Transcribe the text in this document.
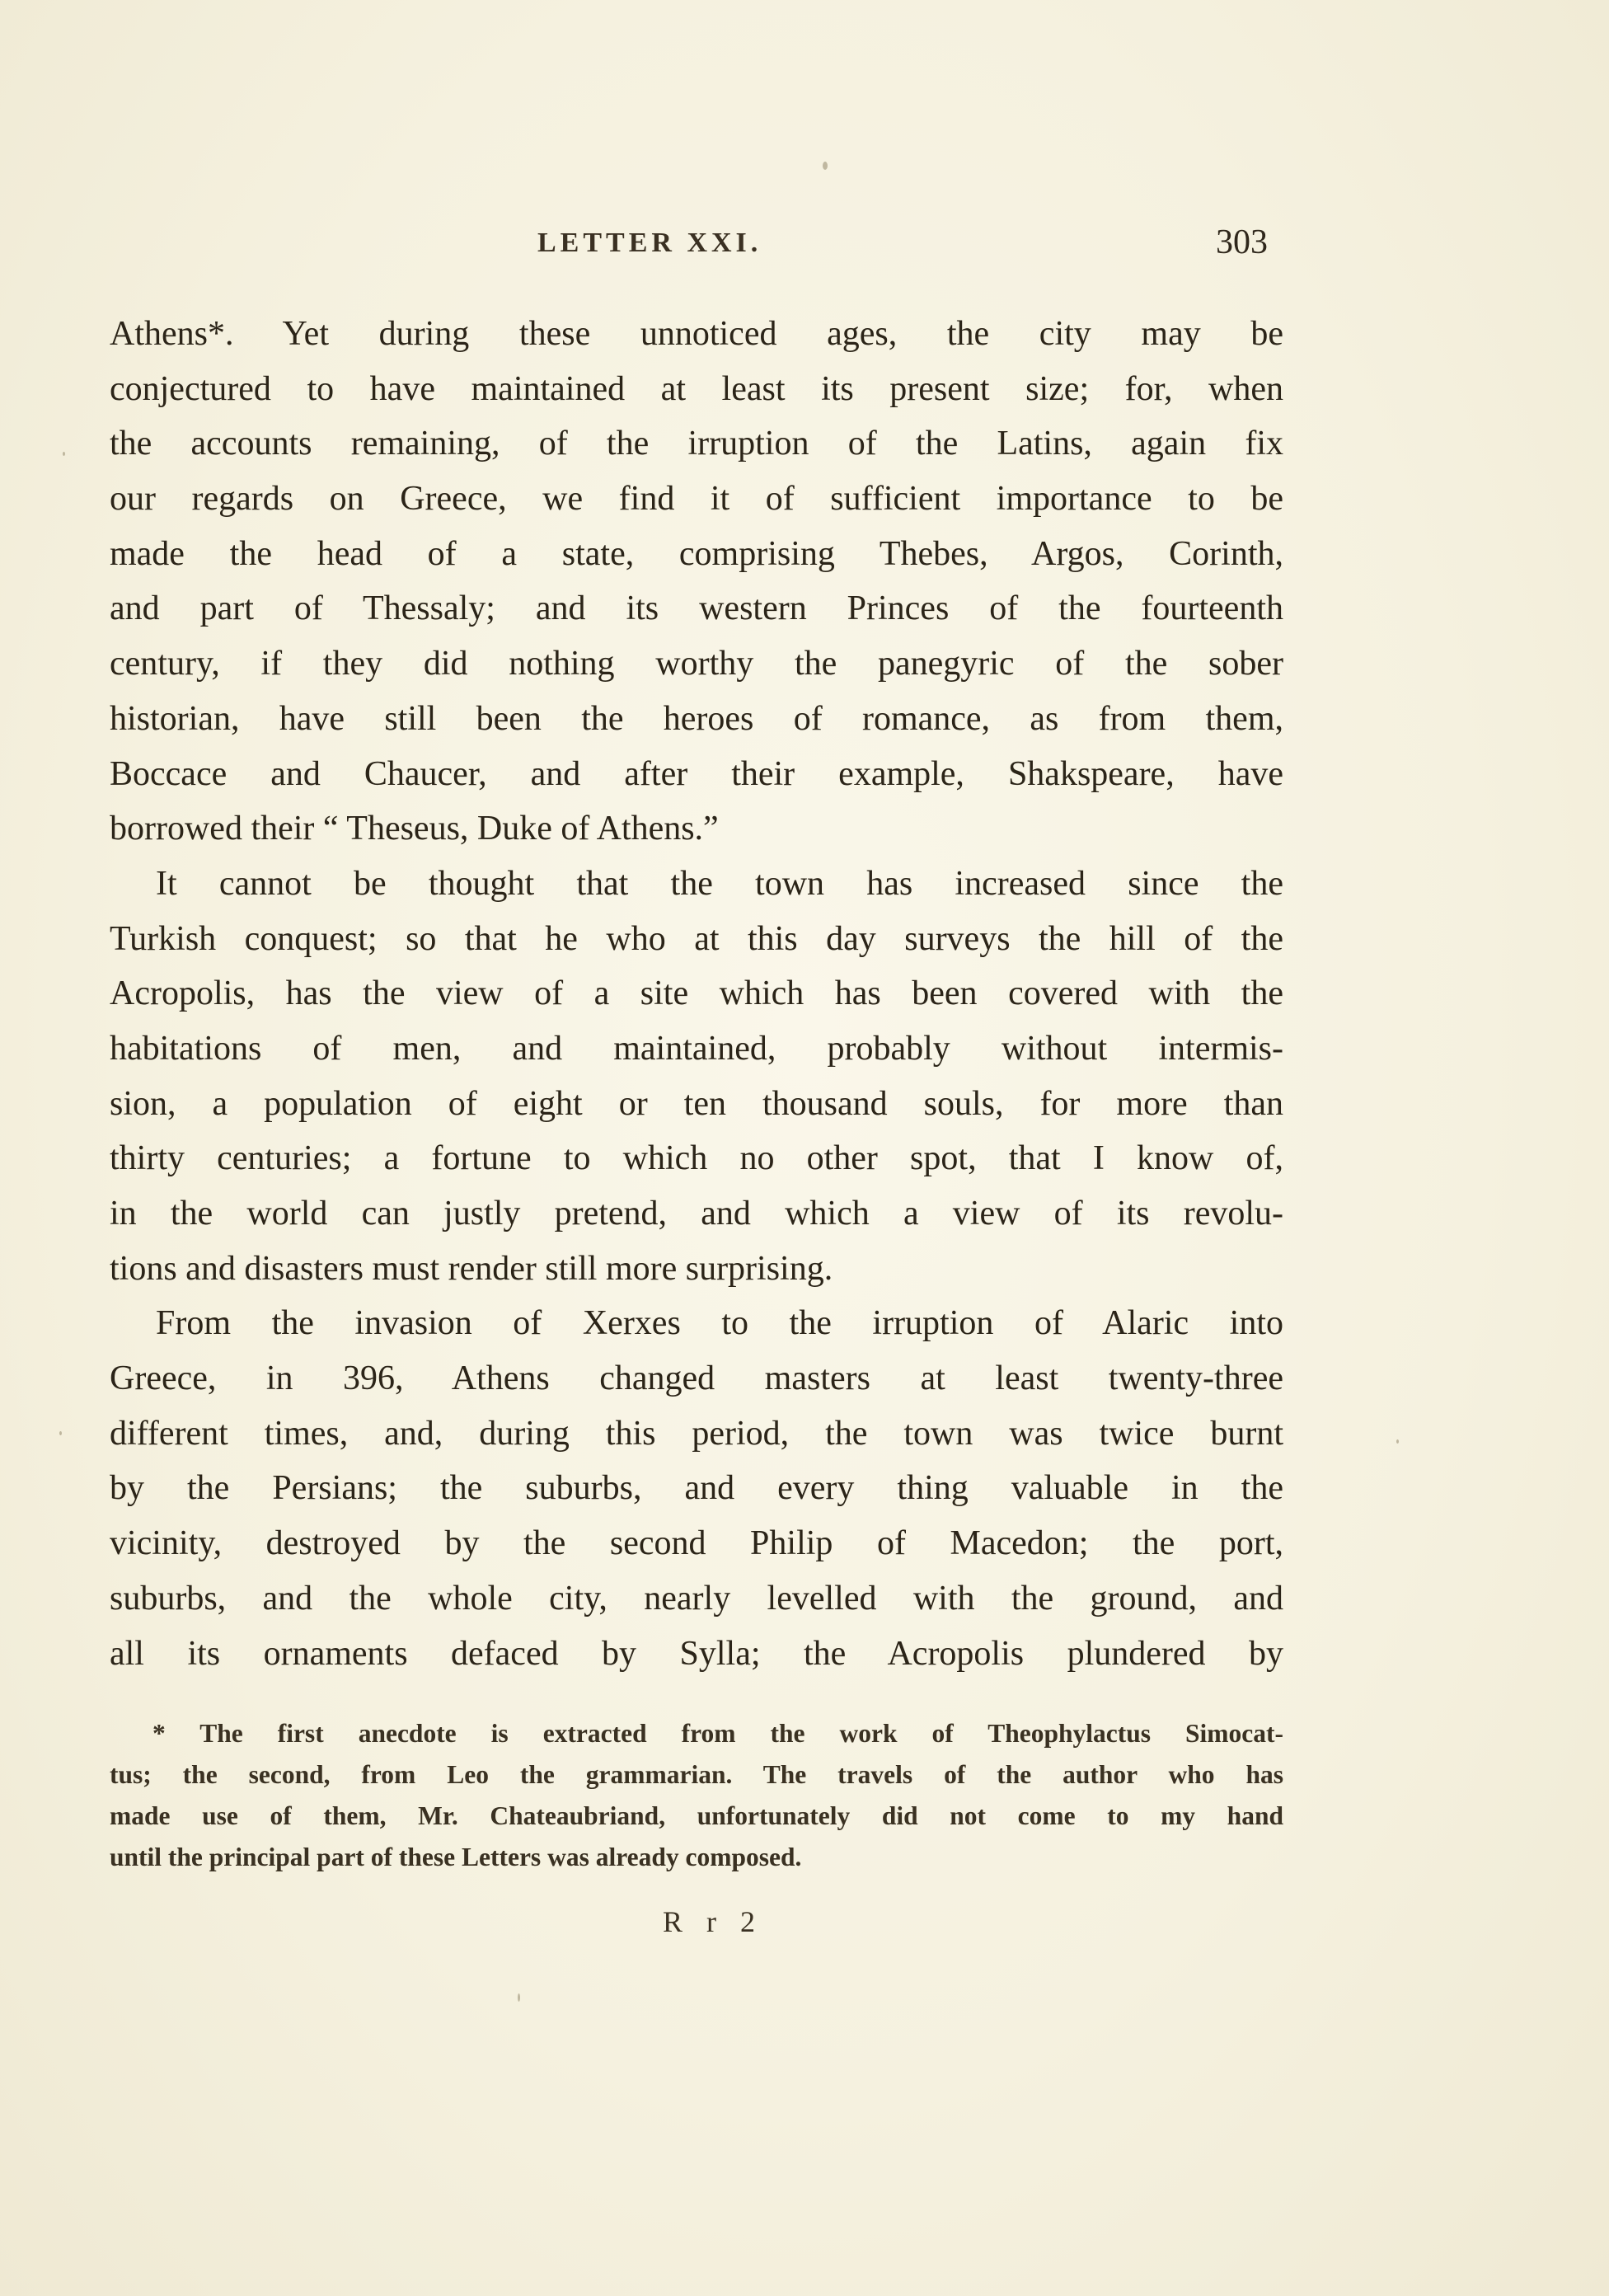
LETTER XXI.	303
Athens*. Yet during these unnoticed ages, the city may be
conjectured to have maintained at least its present size; for, when
the accounts remaining, of the irruption of the Latins, again fix
our regards on Greece, we find it of sufficient importance to be
made the head of a state, comprising Thebes, Argos, Corinth,
and part of Thessaly; and its western Princes of the fourteenth
century, if they did nothing worthy the panegyric of the sober
historian, have still been the heroes of romance, as from them,
Boccace and Chaucer, and after their example, Shakspeare, have
borrowed their “ Theseus, Duke of Athens.”
It cannot be thought that the town has increased since the
Turkish conquest; so that he who at this day surveys the hill of the
Acropolis, has the view of a site which has been covered with the
habitations of men, and maintained, probably without intermis-
sion, a population of eight or ten thousand souls, for more than
thirty centuries; a fortune to which no other spot, that I know of,
in the world can justly pretend, and which a view of its revolu-
tions and disasters must render still more surprising.
From the invasion of Xerxes to the irruption of Alaric into
Greece, in 396, Athens changed masters at least twenty-three
different times, and, during this period, the town was twice burnt
by the Persians; the suburbs, and every thing valuable in the
vicinity, destroyed by the second Philip of Macedon; the port,
suburbs, and the whole city, nearly levelled with the ground, and
all its ornaments defaced by Sylla; the Acropolis plundered by
* The first anecdote is extracted from the work of Theophylactus Simocat-
tus; the second, from Leo the grammarian. The travels of the author who has
made use of them, Mr. Chateaubriand, unfortunately did not come to my hand
until the principal part of these Letters was already composed.
R r 2
